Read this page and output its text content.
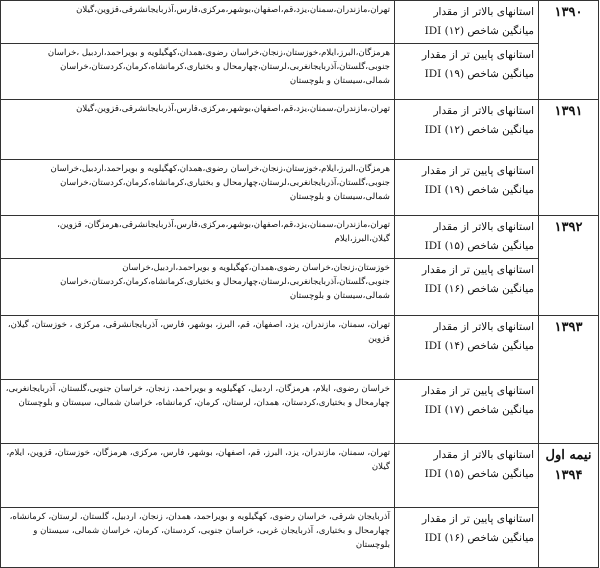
۱۳۹۰	استانهای بالاتر از مقدار میانگین شاخص IDI (۱۲)	تهران،مازندران،سمنان،یزد،قم،اصفهان،بوشهر،مرکزی،فارس،آذربایجانشرقی،قزوین،گیلان
	استانهای پایین تر از مقدار میانگین شاخص IDI (۱۹)	هرمزگان،البرز،ایلام،خوزستان،زنجان،خراسان رضوی،همدان،کهگیلویه و بویراحمد،اردبیل ،خراسان جنوبی،گلستان،آذربایجانغربی،لرستان،چهارمحال و بختیاری،کرمانشاه،کرمان،کردستان،خراسان شمالی،سیستان و بلوچستان
۱۳۹۱	استانهای بالاتر از مقدار میانگین شاخص IDI (۱۲)	تهران،مازندران،سمنان،یزد،قم،اصفهان،بوشهر،مرکزی،فارس،آذربایجانشرقی،قزوین،گیلان
	استانهای پایین تر از مقدار میانگین شاخص IDI (۱۹)	هرمزگان،البرز،ایلام،خوزستان،زنجان،خراسان رضوی،همدان،کهگیلویه و بویراحمد،اردبیل،خراسان جنوبی،گلستان،آذربایجانغربی،لرستان،چهارمحال و بختیاری،کرمانشاه،کرمان،کردستان،خراسان شمالی،سیستان و بلوچستان
۱۳۹۲	استانهای بالاتر از مقدار میانگین شاخص IDI (۱۵)	تهران،مازندران،سمنان،یزد،قم،اصفهان،بوشهر،مرکزی،فارس،آذربایجانشرقی،هرمزگان، قزوین، گیلان،البرز،ایلام
	استانهای پایین تر از مقدار میانگین شاخص IDI (۱۶)	خوزستان،زنجان،خراسان رضوی،همدان،کهگیلویه و بویراحمد،اردبیل،خراسان جنوبی،گلستان،آذربایجانغربی،لرستان،چهارمحال و بختیاری،کرمانشاه،کرمان،کردستان،خراسان شمالی،سیستان و بلوچستان
۱۳۹۳	استانهای بالاتر از مقدار میانگین شاخص IDI (۱۴)	تهران، سمنان، مازندران، یزد، اصفهان، قم، البرز، بوشهر، فارس، آذربایجانشرقی، مرکزی ، خوزستان، گیلان، قزوین
	استانهای پایین تر از مقدار میانگین شاخص IDI (۱۷)	خراسان رضوی، ایلام، هرمزگان، اردبیل، کهگیلویه و بویراحمد، زنجان، خراسان جنوبی،گلستان، آذربایجانغربی، چهارمحال و بختیاری،کردستان، همدان، لرستان، کرمان، کرمانشاه، خراسان شمالی، سیستان و بلوچستان
نیمه اول ۱۳۹۴	استانهای بالاتر از مقدار میانگین شاخص IDI (۱۵)	تهران، سمنان، مازندران، یزد، البرز، قم، اصفهان، بوشهر، فارس، مرکزی، هرمزگان، خوزستان، قزوین، ایلام، گیلان
	استانهای پایین تر از مقدار میانگین شاخص IDI (۱۶)	آذربایجان شرقی، خراسان رضوی، کهگیلویه و بویراحمد، همدان، زنجان، اردبیل، گلستان، لرستان، کرمانشاه، چهارمحال و بختیاری، آذربایجان غربی، خراسان جنوبی، کردستان، کرمان، خراسان شمالی، سیستان و بلوچستان
